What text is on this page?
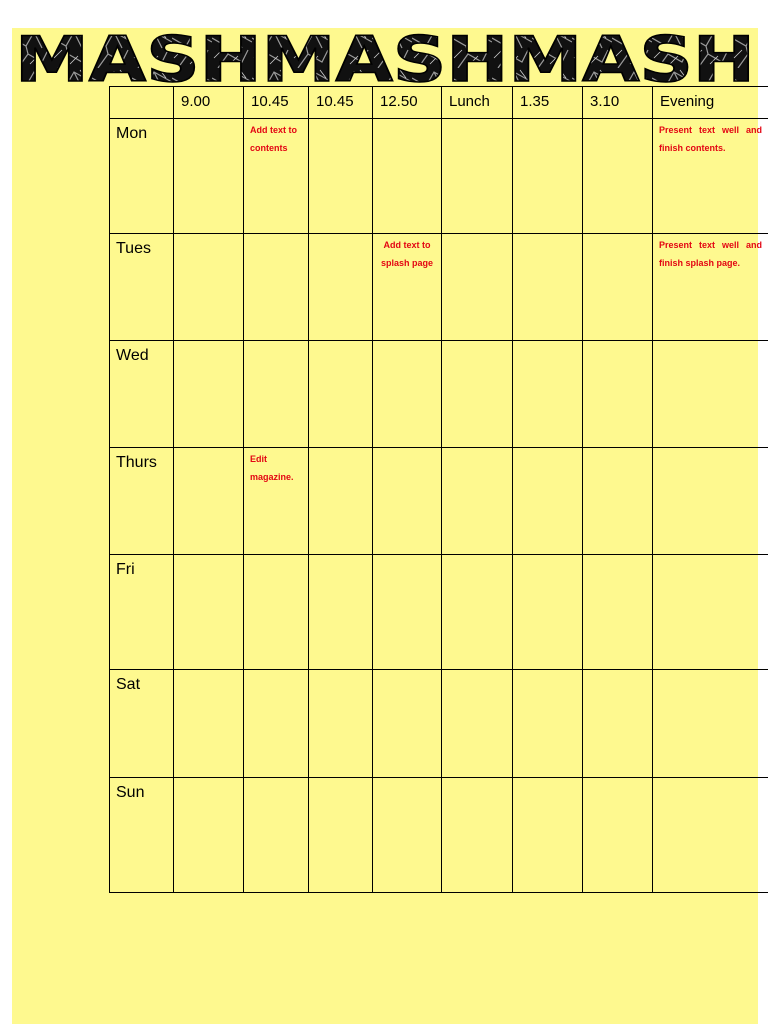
MASHMASHMASH
	9.00	10.45	10.45	12.50	Lunch	1.35	3.10	Evening
Mon		Add text to contents						Present text well and finish contents.

Tues				Add text to splash page				Present text well and finish splash page.

Wed								
Thurs		Edit magazine.						

Fri								
Sat								
Sun								
